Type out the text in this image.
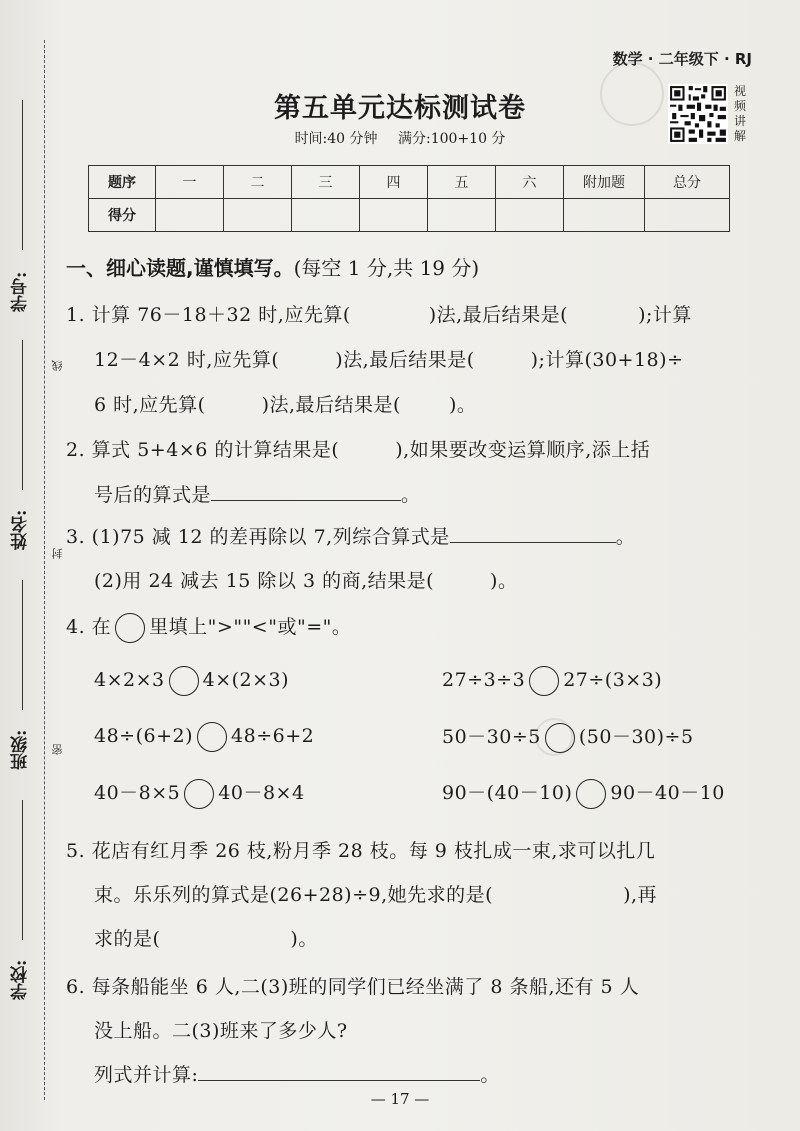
学号:
姓名:
班级:
学校:
线
封
密
数学 · 二年级下 · RJ
视频讲解
第五单元达标测试卷
时间:40 分钟 满分:100+10 分
题序	一	二	三	四	五	六	附加题	总分
得分								
一、细心读题,谨慎填写。(每空 1 分,共 19 分)
1. 计算 76－18＋32 时,应先算(	)法,最后结果是(	);计算
12－4×2 时,应先算(	)法,最后结果是(	);计算(30+18)÷
6 时,应先算(	)法,最后结果是(	)。
2. 算式 5+4×6 的计算结果是(	),如果要改变运算顺序,添上括
号后的算式是	。
3. (1)75 减 12 的差再除以 7,列综合算式是	。
(2)用 24 减去 15 除以 3 的商,结果是(	)。
4. 在 里填上">""<"或"="。
4×2×3 4×(2×3)	27÷3÷3 27÷(3×3)
48÷(6+2) 48÷6+2	50－30÷5 (50－30)÷5
40－8×5 40－8×4	90－(40－10) 90－40－10
5. 花店有红月季 26 枝,粉月季 28 枝。每 9 枝扎成一束,求可以扎几
束。乐乐列的算式是(26+28)÷9,她先求的是(	),再
求的是(	)。
6. 每条船能坐 6 人,二(3)班的同学们已经坐满了 8 条船,还有 5 人
没上船。二(3)班来了多少人?
列式并计算:	。
— 17 —
